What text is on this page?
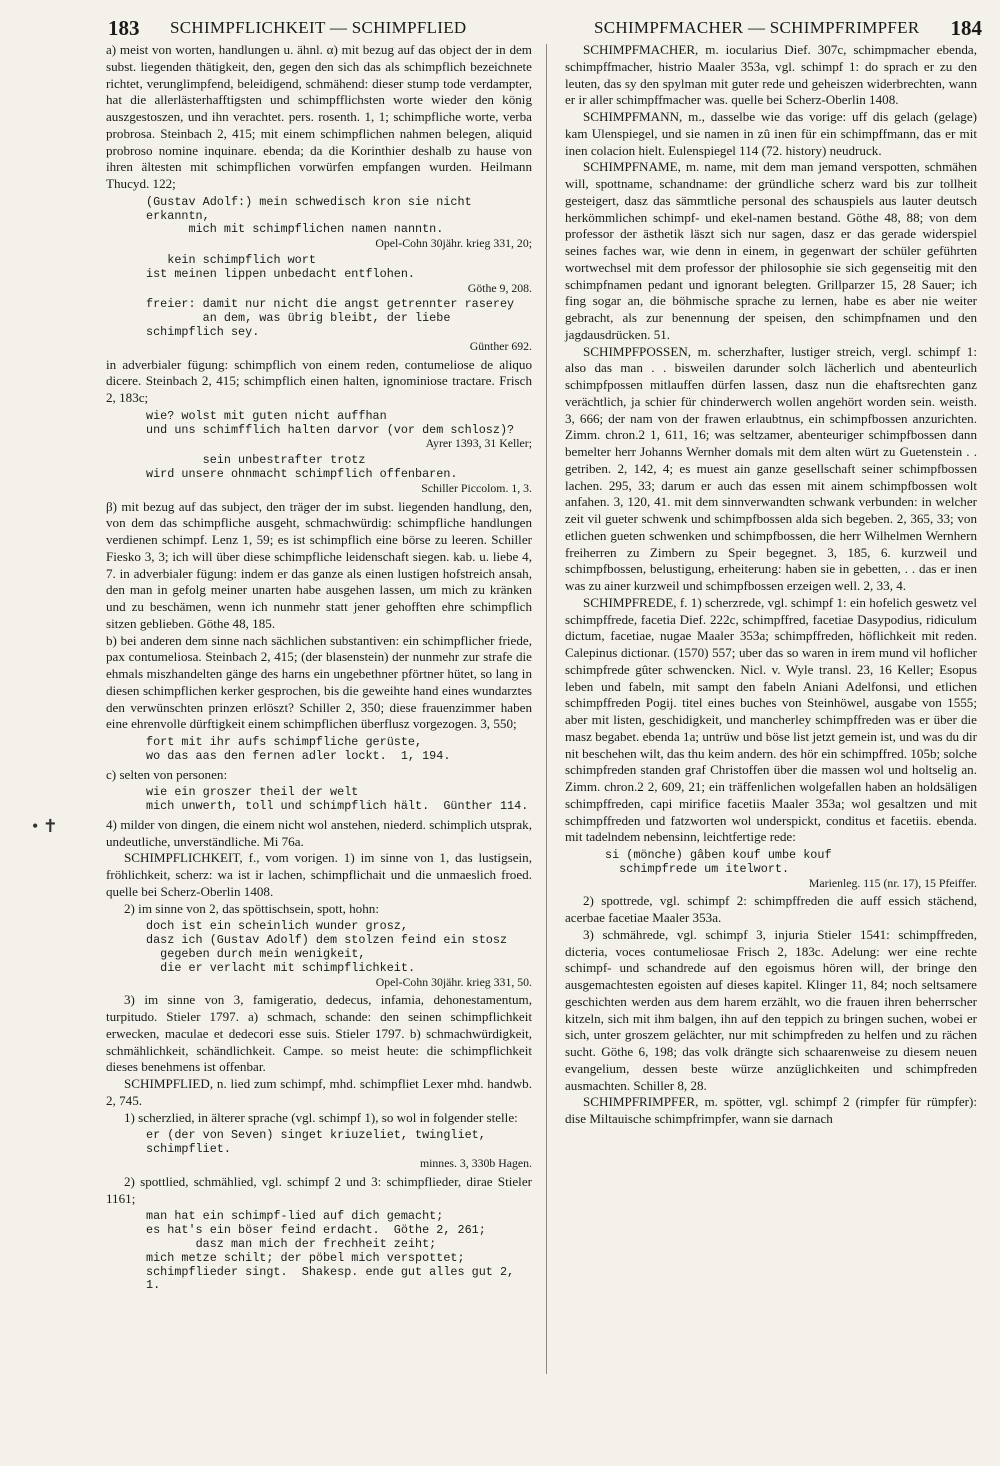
183 SCHIMPFLICHKEIT — SCHIMPFLIED	SCHIMPFMACHER — SCHIMPFRIMPFER 184

a) meist von worten, handlungen u. ähnl. α) mit bezug auf das object der in dem subst. liegenden thätigkeit, den, gegen den sich das als schimpflich bezeichnete richtet, verunglimpfend, beleidigend, schmähend: dieser stump tode verdampter, hat die allerlästerhafftigsten und schimpfflichsten worte wieder den könig auszgestoszen, und ihn verachtet. pers. rosenth. 1, 1; schimpfliche worte, verba probrosa. Steinbach 2, 415; mit einem schimpflichen nahmen belegen, aliquid probroso nomine inquinare. ebenda; da die Korinthier deshalb zu hause von ihren ältesten mit schimpflichen vorwürfen empfangen wurden. Heilmann Thucyd. 122;

(Gustav Adolf:) mein schwedisch kron sie nicht erkanntn,
mich mit schimpflichen namen nanntn.
Opel-Cohn 30jähr. krieg 331, 20;
kein schimpflich wort
ist meinen lippen unbedacht entflohen.
Göthe 9, 208.
freier: damit nur nicht die angst getrennter raserey
an dem, was übrig bleibt, der liebe schimpflich sey.
Günther 692.

in adverbialer fügung: schimpflich von einem reden, contumeliose de aliquo dicere. Steinbach 2, 415; schimpflich einen halten, ignominiose tractare. Frisch 2, 183c;

wie? wolst mit guten nicht auffhan
und uns schimfflich halten darvor (vor dem schlosz)?
Ayrer 1393, 31 Keller;
sein unbestrafter trotz
wird unsere ohnmacht schimpflich offenbaren.
Schiller Piccolom. 1, 3.

β) mit bezug auf das subject, den träger der im subst. liegenden handlung, den, von dem das schimpfliche ausgeht, schmachwürdig: schimpfliche handlungen verdienen schimpf. Lenz 1, 59; es ist schimpflich eine börse zu leeren. Schiller Fiesko 3, 3; ich will über diese schimpfliche leidenschaft siegen. kab. u. liebe 4, 7. in adverbialer fügung: indem er das ganze als einen lustigen hofstreich ansah, den man in gefolg meiner unarten habe ausgehen lassen, um mich zu kränken und zu beschämen, wenn ich nunmehr statt jener gehofften ehre schimpflich sitzen geblieben. Göthe 48, 185.

b) bei anderen dem sinne nach sächlichen substantiven: ein schimpflicher friede, pax contumeliosa. Steinbach 2, 415; (der blasenstein) der nunmehr zur strafe die ehmals miszhandelten gänge des harns ein ungebethner pförtner hütet, so lang in diesen schimpflichen kerker gesprochen, bis die geweihte hand eines wundarztes den verwünschten prinzen erlöszt? Schiller 2, 350; diese frauenzimmer haben eine ehrenvolle dürftigkeit einem schimpflichen überflusz vorgezogen. 3, 550;

fort mit ihr aufs schimpfliche gerüste,
wo das aas den fernen adler lockt.  1, 194.

c) selten von personen:

wie ein groszer theil der welt
mich unwerth, toll und schimpflich hält.  Günther 114.

4) milder von dingen, die einem nicht wol anstehen, niederd. schimplich utsprak, undeutliche, unverständliche. Mi 76a.

SCHIMPFLICHKEIT, f., vom vorigen. 1) im sinne von 1, das lustigsein, fröhlichkeit, scherz: wa ist ir lachen, schimpflichait und die unmaeslich froed. quelle bei Scherz-Oberlin 1408.

2) im sinne von 2, das spöttischsein, spott, hohn:

doch ist ein scheinlich wunder grosz,
dasz ich (Gustav Adolf) dem stolzen feind ein stosz
gegeben durch mein wenigkeit,
die er verlacht mit schimpflichkeit.
Opel-Cohn 30jähr. krieg 331, 50.

3) im sinne von 3, famigeratio, dedecus, infamia, dehonestamentum, turpitudo. Stieler 1797. a) schmach, schande: den seinen schimpflichkeit erwecken, maculae et dedecori esse suis. Stieler 1797. b) schmachwürdigkeit, schmählichkeit, schändlichkeit. Campe. so meist heute: die schimpflichkeit dieses benehmens ist offenbar.

SCHIMPFLIED, n. lied zum schimpf, mhd. schimpfliet Lexer mhd. handwb. 2, 745.

1) scherzlied, in älterer sprache (vgl. schimpf 1), so wol in folgender stelle:

er (der von Seven) singet kriuzeliet, twingliet, schimpfliet.
minnes. 3, 330b Hagen.

2) spottlied, schmählied, vgl. schimpf 2 und 3: schimpflieder, dirae Stieler 1161;

man hat ein schimpf-lied auf dich gemacht;
es hat's ein böser feind erdacht.  Göthe 2, 261;
dasz man mich der frechheit zeiht;
mich metze schilt; der pöbel mich verspottet;
schimpflieder singt.  Shakesp. ende gut alles gut 2, 1.

SCHIMPFMACHER, m. iocularius Dief. 307c, schimpmacher ebenda, schimpffmacher, histrio Maaler 353a, vgl. schimpf 1: do sprach er zu den leuten, das sy den spylman mit guter rede und geheiszen widerbrechten, wann er ir aller schimpffmacher was. quelle bei Scherz-Oberlin 1408.

SCHIMPFMANN, m., dasselbe wie das vorige: uff dis gelach (gelage) kam Ulenspiegel, und sie namen in zû inen für ein schimpffmann, das er mit inen colacion hielt. Eulenspiegel 114 (72. history) neudruck.

SCHIMPFNAME, m. name, mit dem man jemand verspotten, schmähen will, spottname, schandname: der gründliche scherz ward bis zur tollheit gesteigert, dasz das sämmtliche personal des schauspiels aus lauter deutsch herkömmlichen schimpf- und ekel-namen bestand. Göthe 48, 88; von dem professor der ästhetik läszt sich nur sagen, dasz er das gerade widerspiel seines faches war, wie denn in einem, in gegenwart der schüler geführten wortwechsel mit dem professor der philosophie sie sich gegenseitig mit den schimpfnamen pedant und ignorant belegten. Grillparzer 15, 28 Sauer; ich fing sogar an, die böhmische sprache zu lernen, habe es aber nie weiter gebracht, als zur benennung der speisen, den schimpfnamen und den jagdausdrücken. 51.

SCHIMPFPOSSEN, m. scherzhafter, lustiger streich, vergl. schimpf 1: also das man . . bisweilen darunder solch lächerlich und abenteurlich schimpfpossen mitlauffen dürfen lassen, dasz nun die ehaftsrechten ganz verächtlich, ja schier für chinderwerch wollen angehört worden sein. weisth. 3, 666; der nam von der frawen erlaubtnus, ein schimpfbossen anzurichten. Zimm. chron.2 1, 611, 16; was seltzamer, abenteuriger schimpfbossen dann bemelter herr Johanns Wernher domals mit dem alten würt zu Guetenstein . . getriben. 2, 142, 4; es muest ain ganze gesellschaft seiner schimpfbossen lachen. 295, 33; darum er auch das essen mit ainem schimpfbossen wolt anfahen. 3, 120, 41. mit dem sinnverwandten schwank verbunden: in welcher zeit vil gueter schwenk und schimpfbossen alda sich begeben. 2, 365, 33; von etlichen gueten schwenken und schimpfbossen, die herr Wilhelmen Wernhern freiherren zu Zimbern zu Speir begegnet. 3, 185, 6. kurzweil und schimpfbossen, belustigung, erheiterung: haben sie in gebetten, . . das er inen was zu ainer kurzweil und schimpfbossen erzeigen well. 2, 33, 4.

SCHIMPFREDE, f. 1) scherzrede, vgl. schimpf 1: ein hofelich geswetz vel schimpffrede, facetia Dief. 222c, schimpffred, facetiae Dasypodius, ridiculum dictum, facetiae, nugae Maaler 353a; schimpffreden, höflichkeit mit reden. Calepinus dictionar. (1570) 557; uber das so waren in irem mund vil hoflicher schimpfrede gûter schwencken. Nicl. v. Wyle transl. 23, 16 Keller; Esopus leben und fabeln, mit sampt den fabeln Aniani Adelfonsi, und etlichen schimpffreden Pogij. titel eines buches von Steinhöwel, ausgabe von 1555; aber mit listen, geschidigkeit, und mancherley schimpffreden was er über die masz begabet. ebenda 1a; untrüw und böse list jetzt gemein ist, und was du dir nit beschehen wilt, das thu keim andern. des hör ein schimpffred. 105b; solche schimpfreden standen graf Christoffen über die massen wol und holtselig an. Zimm. chron.2 2, 609, 21; ein träffenlichen wolgefallen haben an holdsäligen schimpffreden, capi mirifice facetiis Maaler 353a; wol gesaltzen und mit schimpffreden und fatzworten wol underspickt, conditus et facetiis. ebenda. mit tadelndem nebensinn, leichtfertige rede:

si (mönche) gâben kouf umbe kouf
schimpfrede um itelwort.
Marienleg. 115 (nr. 17), 15 Pfeiffer.

2) spottrede, vgl. schimpf 2: schimpffreden die auff essich stächend, acerbae facetiae Maaler 353a.

3) schmährede, vgl. schimpf 3, injuria Stieler 1541: schimpffreden, dicteria, voces contumeliosae Frisch 2, 183c. Adelung: wer eine rechte schimpf- und schandrede auf den egoismus hören will, der bringe den ausgemachtesten egoisten auf dieses kapitel. Klinger 11, 84; noch seltsamere geschichten werden aus dem harem erzählt, wo die frauen ihren beherrscher kitzeln, sich mit ihm balgen, ihn auf den teppich zu bringen suchen, wobei er sich, unter groszem gelächter, nur mit schimpfreden zu helfen und zu rächen sucht. Göthe 6, 198; das volk drängte sich schaarenweise zu diesem neuen evangelium, dessen beste würze anzüglichkeiten und schimpfreden ausmachten. Schiller 8, 28.

SCHIMPFRIMPFER, m. spötter, vgl. schimpf 2 (rimpfer für rümpfer): dise Miltauische schimpfrimpfer, wann sie darnach

• ✝
